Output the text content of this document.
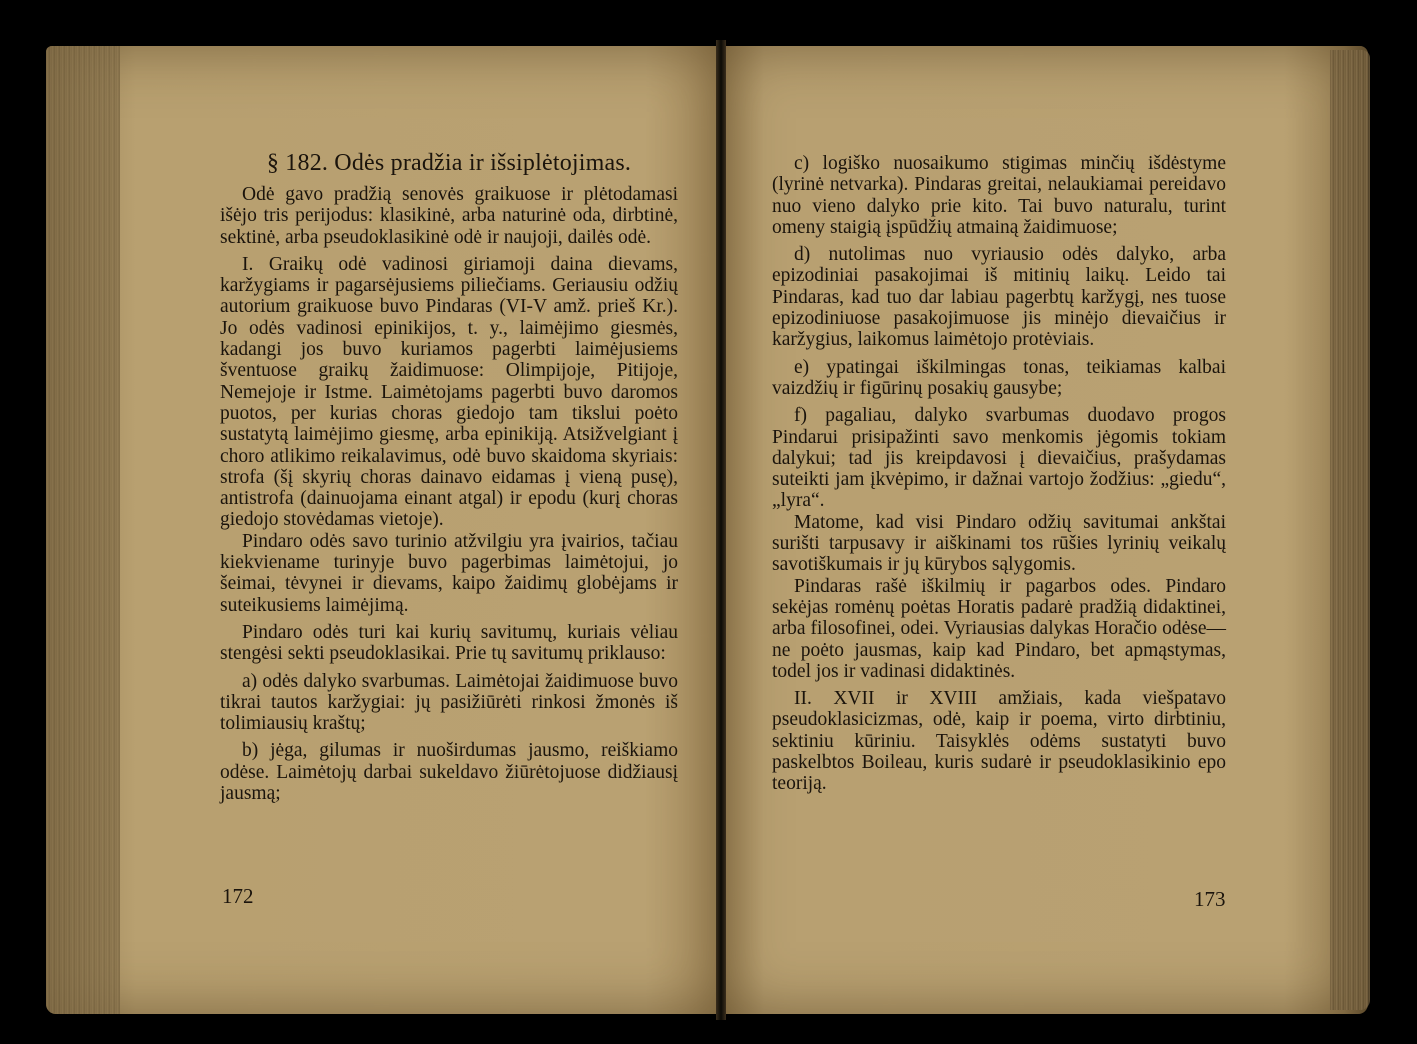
§ 182. Odės pradžia ir išsiplėtojimas.

Odė gavo pradžią senovės graikuose ir plėtodamasi išėjo tris perijodus: klasikinė, arba naturinė oda, dirbtinė, sektinė, arba pseudoklasikinė odė ir naujoji, dailės odė.

I. Graikų odė vadinosi giriamoji daina dievams, karžygiams ir pagarsėjusiems piliečiams. Geriausiu odžių autorium graikuose buvo Pindaras (VI-V amž. prieš Kr.). Jo odės vadinosi epinikijos, t. y., laimėjimo giesmės, kadangi jos buvo kuriamos pagerbti laimėjusiems šventuose graikų žaidimuose: Olimpijoje, Pitijoje, Nemejoje ir Istme. Laimėtojams pagerbti buvo daromos puotos, per kurias choras giedojo tam tikslui poėto sustatytą laimėjimo giesmę, arba epinikiją. Atsižvelgiant į choro atlikimo reikalavimus, odė buvo skaidoma skyriais: strofa (šį skyrių choras dainavo eidamas į vieną pusę), antistrofa (dainuojama einant atgal) ir epodu (kurį choras giedojo stovėdamas vietoje).

Pindaro odės savo turinio atžvilgiu yra įvairios, tačiau kiekviename turinyje buvo pagerbimas laimėtojui, jo šeimai, tėvynei ir dievams, kaipo žaidimų globėjams ir suteikusiems laimėjimą.

Pindaro odės turi kai kurių savitumų, kuriais vėliau stengėsi sekti pseudoklasikai. Prie tų savitumų priklauso:

a) odės dalyko svarbumas. Laimėtojai žaidimuose buvo tikrai tautos karžygiai: jų pasižiūrėti rinkosi žmonės iš tolimiausių kraštų;

b) jėga, gilumas ir nuoširdumas jausmo, reiškiamo odėse. Laimėtojų darbai sukeldavo žiūrėtojuose didžiausį jausmą;

172

c) logiško nuosaikumo stigimas minčių išdėstyme (lyrinė netvarka). Pindaras greitai, nelaukiamai pereidavo nuo vieno dalyko prie kito. Tai buvo naturalu, turint omeny staigią įspūdžių atmainą žaidimuose;

d) nutolimas nuo vyriausio odės dalyko, arba epizodiniai pasakojimai iš mitinių laikų. Leido tai Pindaras, kad tuo dar labiau pagerbtų karžygį, nes tuose epizodiniuose pasakojimuose jis minėjo dievaičius ir karžygius, laikomus laimėtojo protėviais.

e) ypatingai iškilmingas tonas, teikiamas kalbai vaizdžių ir figūrinų posakių gausybe;

f) pagaliau, dalyko svarbumas duodavo progos Pindarui prisipažinti savo menkomis jėgomis tokiam dalykui; tad jis kreipdavosi į dievaičius, prašydamas suteikti jam įkvėpimo, ir dažnai vartojo žodžius: „giedu“, „lyra“.

Matome, kad visi Pindaro odžių savitumai ankštai surišti tarpusavy ir aiškinami tos rūšies lyrinių veikalų savotiškumais ir jų kūrybos sąlygomis.

Pindaras rašė iškilmių ir pagarbos odes. Pindaro sekėjas romėnų poėtas Horatis padarė pradžią didaktinei, arba filosofinei, odei. Vyriausias dalykas Horačio odėse—ne poėto jausmas, kaip kad Pindaro, bet apmąstymas, todel jos ir vadinasi didaktinės.

II. XVII ir XVIII amžiais, kada viešpatavo pseudoklasicizmas, odė, kaip ir poema, virto dirbtiniu, sektiniu kūriniu. Taisyklės odėms sustatyti buvo paskelbtos Boileau, kuris sudarė ir pseudoklasikinio epo teoriją.

173
